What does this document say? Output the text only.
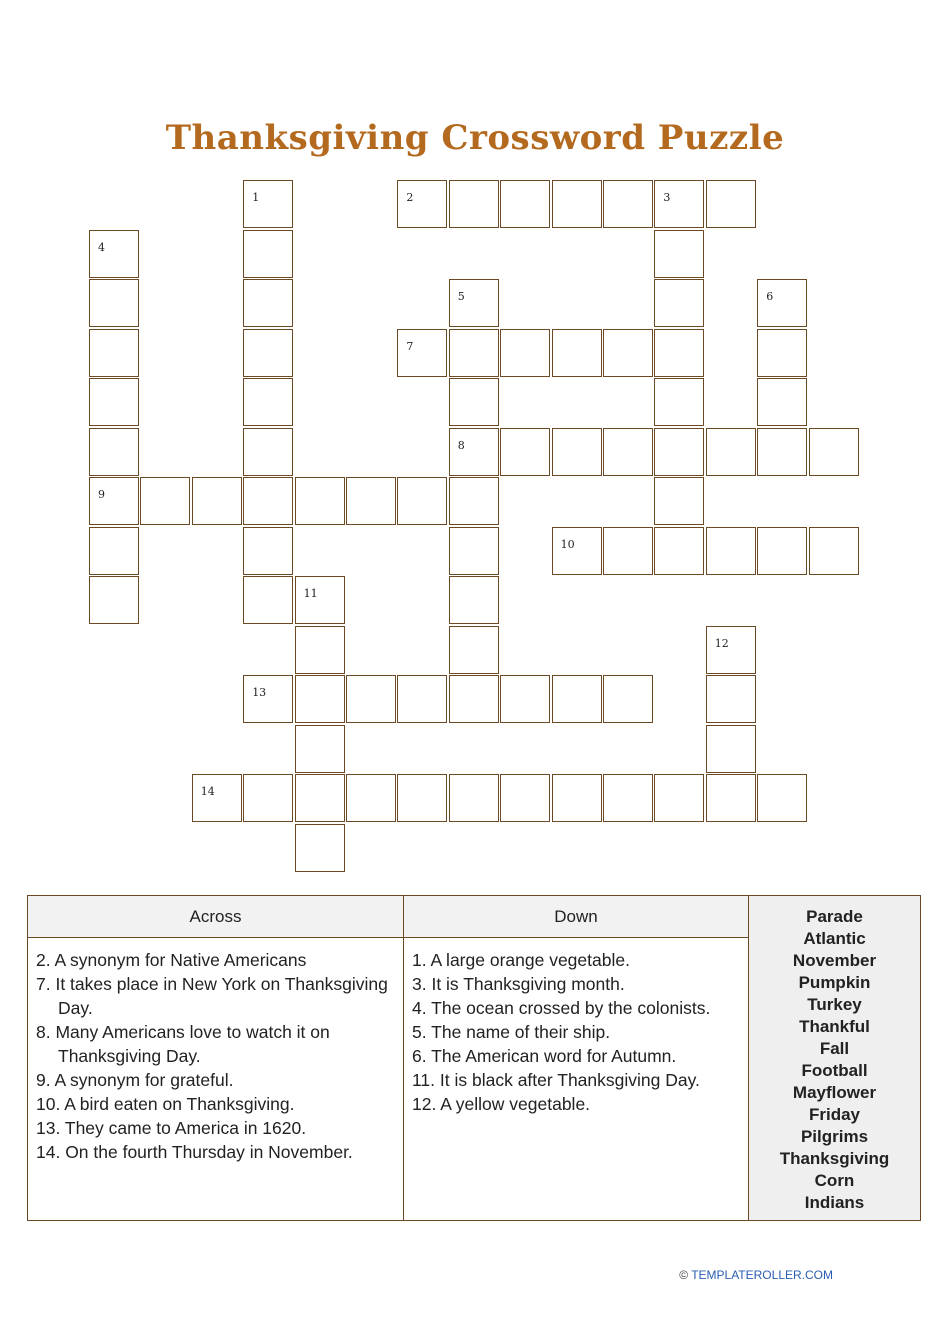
Thanksgiving Crossword Puzzle
1	2	3
4
9
5
8
6
7
10
11
12
13
14
Across
2. A synonym for Native Americans
7. It takes place in New York on Thanksgiving Day.
8. Many Americans love to watch it on Thanksgiving Day.
9. A synonym for grateful.
10. A bird eaten on Thanksgiving.
13. They came to America in 1620.
14. On the fourth Thursday in November.
Down
1. A large orange vegetable.
3. It is Thanksgiving month.
4. The ocean crossed by the colonists.
5. The name of their ship.
6. The American word for Autumn.
11. It is black after Thanksgiving Day.
12. A yellow vegetable.
Parade
Atlantic
November
Pumpkin
Turkey
Thankful
Fall
Football
Mayflower
Friday
Pilgrims
Thanksgiving
Corn
Indians
© TEMPLATEROLLER.COM
